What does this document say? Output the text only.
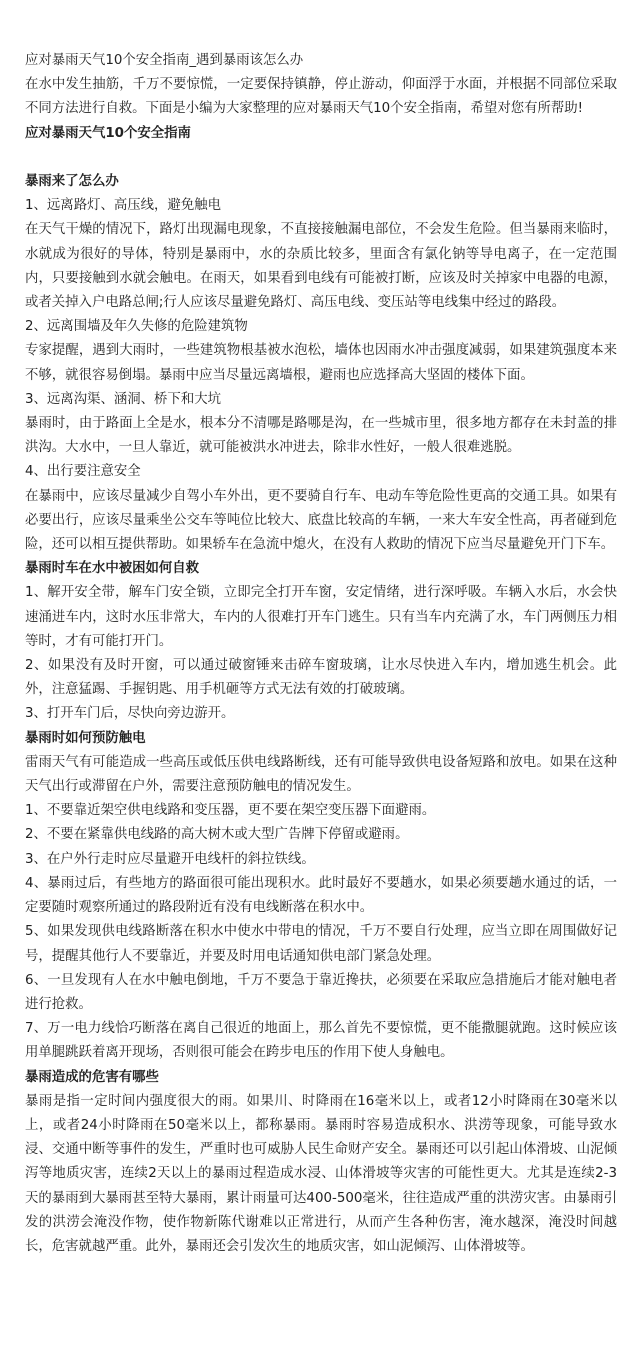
应对暴雨天气10个安全指南_遇到暴雨该怎么办

在水中发生抽筋，千万不要惊慌，一定要保持镇静，停止游动，仰面浮于水面，并根据不同部位采取不同方法进行自救。下面是小编为大家整理的应对暴雨天气10个安全指南，希望对您有所帮助!

应对暴雨天气10个安全指南

暴雨来了怎么办

1、远离路灯、高压线，避免触电

在天气干燥的情况下，路灯出现漏电现象，不直接接触漏电部位，不会发生危险。但当暴雨来临时，水就成为很好的导体，特别是暴雨中，水的杂质比较多，里面含有氯化钠等导电离子，在一定范围内，只要接触到水就会触电。在雨天，如果看到电线有可能被打断，应该及时关掉家中电器的电源，或者关掉入户电路总闸;行人应该尽量避免路灯、高压电线、变压站等电线集中经过的路段。

2、远离围墙及年久失修的危险建筑物

专家提醒，遇到大雨时，一些建筑物根基被水泡松，墙体也因雨水冲击强度减弱，如果建筑强度本来不够，就很容易倒塌。暴雨中应当尽量远离墙根，避雨也应选择高大坚固的楼体下面。

3、远离沟渠、涵洞、桥下和大坑

暴雨时，由于路面上全是水，根本分不清哪是路哪是沟，在一些城市里，很多地方都存在未封盖的排洪沟。大水中，一旦人靠近，就可能被洪水冲进去，除非水性好，一般人很难逃脱。

4、出行要注意安全

在暴雨中，应该尽量减少自驾小车外出，更不要骑自行车、电动车等危险性更高的交通工具。如果有必要出行，应该尽量乘坐公交车等吨位比较大、底盘比较高的车辆，一来大车安全性高，再者碰到危险，还可以相互提供帮助。如果轿车在急流中熄火，在没有人救助的情况下应当尽量避免开门下车。

暴雨时车在水中被困如何自救

1、解开安全带，解车门安全锁，立即完全打开车窗，安定情绪，进行深呼吸。车辆入水后，水会快速涌进车内，这时水压非常大，车内的人很难打开车门逃生。只有当车内充满了水，车门两侧压力相等时，才有可能打开门。

2、如果没有及时开窗，可以通过破窗锤来击碎车窗玻璃，让水尽快进入车内，增加逃生机会。此外，注意猛踢、手握钥匙、用手机砸等方式无法有效的打破玻璃。

3、打开车门后，尽快向旁边游开。

暴雨时如何预防触电

雷雨天气有可能造成一些高压或低压供电线路断线，还有可能导致供电设备短路和放电。如果在这种天气出行或滞留在户外，需要注意预防触电的情况发生。

1、不要靠近架空供电线路和变压器，更不要在架空变压器下面避雨。

2、不要在紧靠供电线路的高大树木或大型广告牌下停留或避雨。

3、在户外行走时应尽量避开电线杆的斜拉铁线。

4、暴雨过后，有些地方的路面很可能出现积水。此时最好不要趟水，如果必须要趟水通过的话，一定要随时观察所通过的路段附近有没有电线断落在积水中。

5、如果发现供电线路断落在积水中使水中带电的情况，千万不要自行处理，应当立即在周围做好记号，提醒其他行人不要靠近，并要及时用电话通知供电部门紧急处理。

6、一旦发现有人在水中触电倒地，千万不要急于靠近搀扶，必须要在采取应急措施后才能对触电者进行抢救。

7、万一电力线恰巧断落在离自己很近的地面上，那么首先不要惊慌，更不能撒腿就跑。这时候应该用单腿跳跃着离开现场，否则很可能会在跨步电压的作用下使人身触电。

暴雨造成的危害有哪些

暴雨是指一定时间内强度很大的雨。如果川、时降雨在16毫米以上，或者12小时降雨在30毫米以上，或者24小时降雨在50毫米以上，都称暴雨。暴雨时容易造成积水、洪涝等现象，可能导致水浸、交通中断等事件的发生，严重时也可威胁人民生命财产安全。暴雨还可以引起山体滑坡、山泥倾泻等地质灾害，连续2天以上的暴雨过程造成水浸、山体滑坡等灾害的可能性更大。尤其是连续2-3天的暴雨到大暴雨甚至特大暴雨，累计雨量可达400-500毫米，往往造成严重的洪涝灾害。由暴雨引发的洪涝会淹没作物，使作物新陈代谢难以正常进行，从而产生各种伤害，淹水越深，淹没时间越长，危害就越严重。此外，暴雨还会引发次生的地质灾害，如山泥倾泻、山体滑坡等。
